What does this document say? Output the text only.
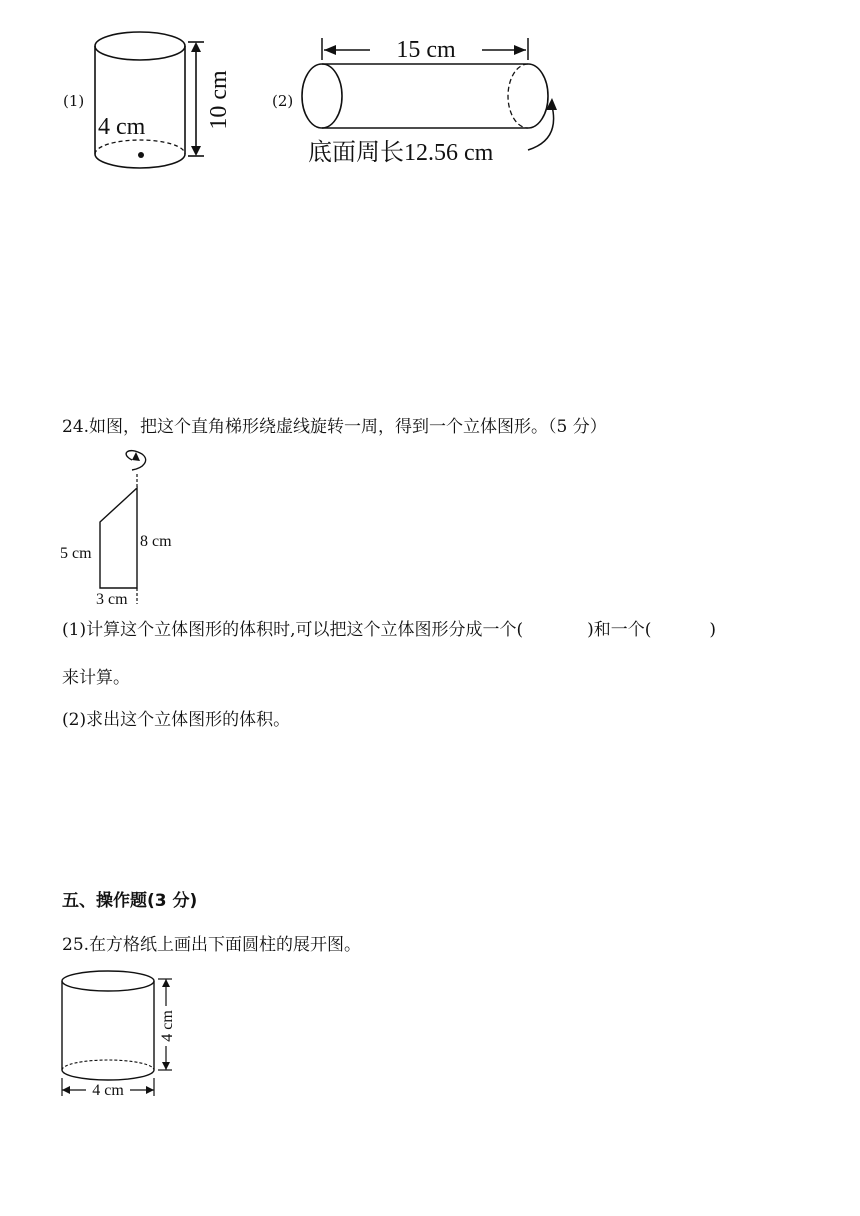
(1)	10 cm
4 cm
(2)
15 cm
底面周长12.56 cm
24.如图，把这个直角梯形绕虚线旋转一周，得到一个立体图形。（5 分）
5 cm
8 cm
3 cm
(1)计算这个立体图形的体积时,可以把这个立体图形分成一个(	)和一个(	)
来计算。
(2)求出这个立体图形的体积。
五、操作题(3 分)
25.在方格纸上画出下面圆柱的展开图。
4 cm
4 cm
